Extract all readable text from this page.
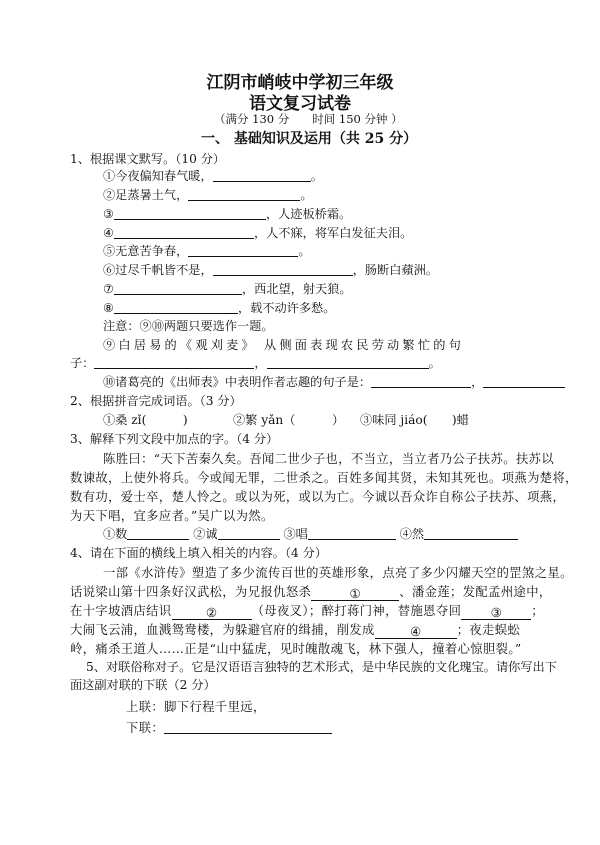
江阴市峭岐中学初三年级
语文复习试卷
（满分 130 分　　时间 150 分钟 ）
一、 基础知识及运用（共 25 分）
1、根据课文默写。（10 分）
①今夜偏知春气暖，	。
②足蒸暑土气，	。
③	，人迹板桥霜。
④	，人不寐，将军白发征夫泪。
⑤无意苦争春，	。
⑥过尽千帆皆不是，	，肠断白蘋洲。
⑦	，西北望，射天狼。
⑧	，载不动许多愁。
注意：⑨⑩两题只要选作一题。
⑨白居易的《观刈麦》 从侧面表现农民劳动繁忙的句
子：	，	。
⑩诸葛亮的《出师表》中表明作者志趣的句子是：	，
2、根据拼音完成词语。（3 分）
①桑 zǐ(　　　)	②繁 yǎn（　　　） ③味同 jiáo(　　)蜡
3、解释下列文段中加点的字。（4 分）
陈胜曰：“天下苦秦久矣。吾闻二世少子也，不当立，当立者乃公子扶苏。扶苏以
数谏故，上使外将兵。今或闻无罪，二世杀之。百姓多闻其贤，未知其死也。项燕为楚将，
数有功，爱士卒，楚人怜之。或以为死，或以为亡。今诚以吾众诈自称公子扶苏、项燕，
为天下唱，宜多应者。”吴广以为然。
①数	②诚	③唱	④然
4、请在下面的横线上填入相关的内容。（4 分）
一部《水浒传》塑造了多少流传百世的英雄形象，点亮了多少闪耀天空的罡煞之星。
话说梁山第十四条好汉武松，为兄报仇怒杀	①	、潘金莲；发配孟州途中，
在十字坡酒店结识	②	（母夜叉）；醉打蒋门神，替施恩夺回 ③ ；
大闹飞云浦，血溅鸳鸯楼，为躲避官府的缉捕，削发成	④	；夜走蜈蚣
岭，痛杀王道人……正是“山中猛虎，见时魄散魂飞，林下强人，撞着心惊胆裂。”
5、对联俗称对子。它是汉语语言独特的艺术形式，是中华民族的文化瑰宝。请你写出下
面这副对联的下联（2 分）
上联：脚下行程千里远，
下联：
